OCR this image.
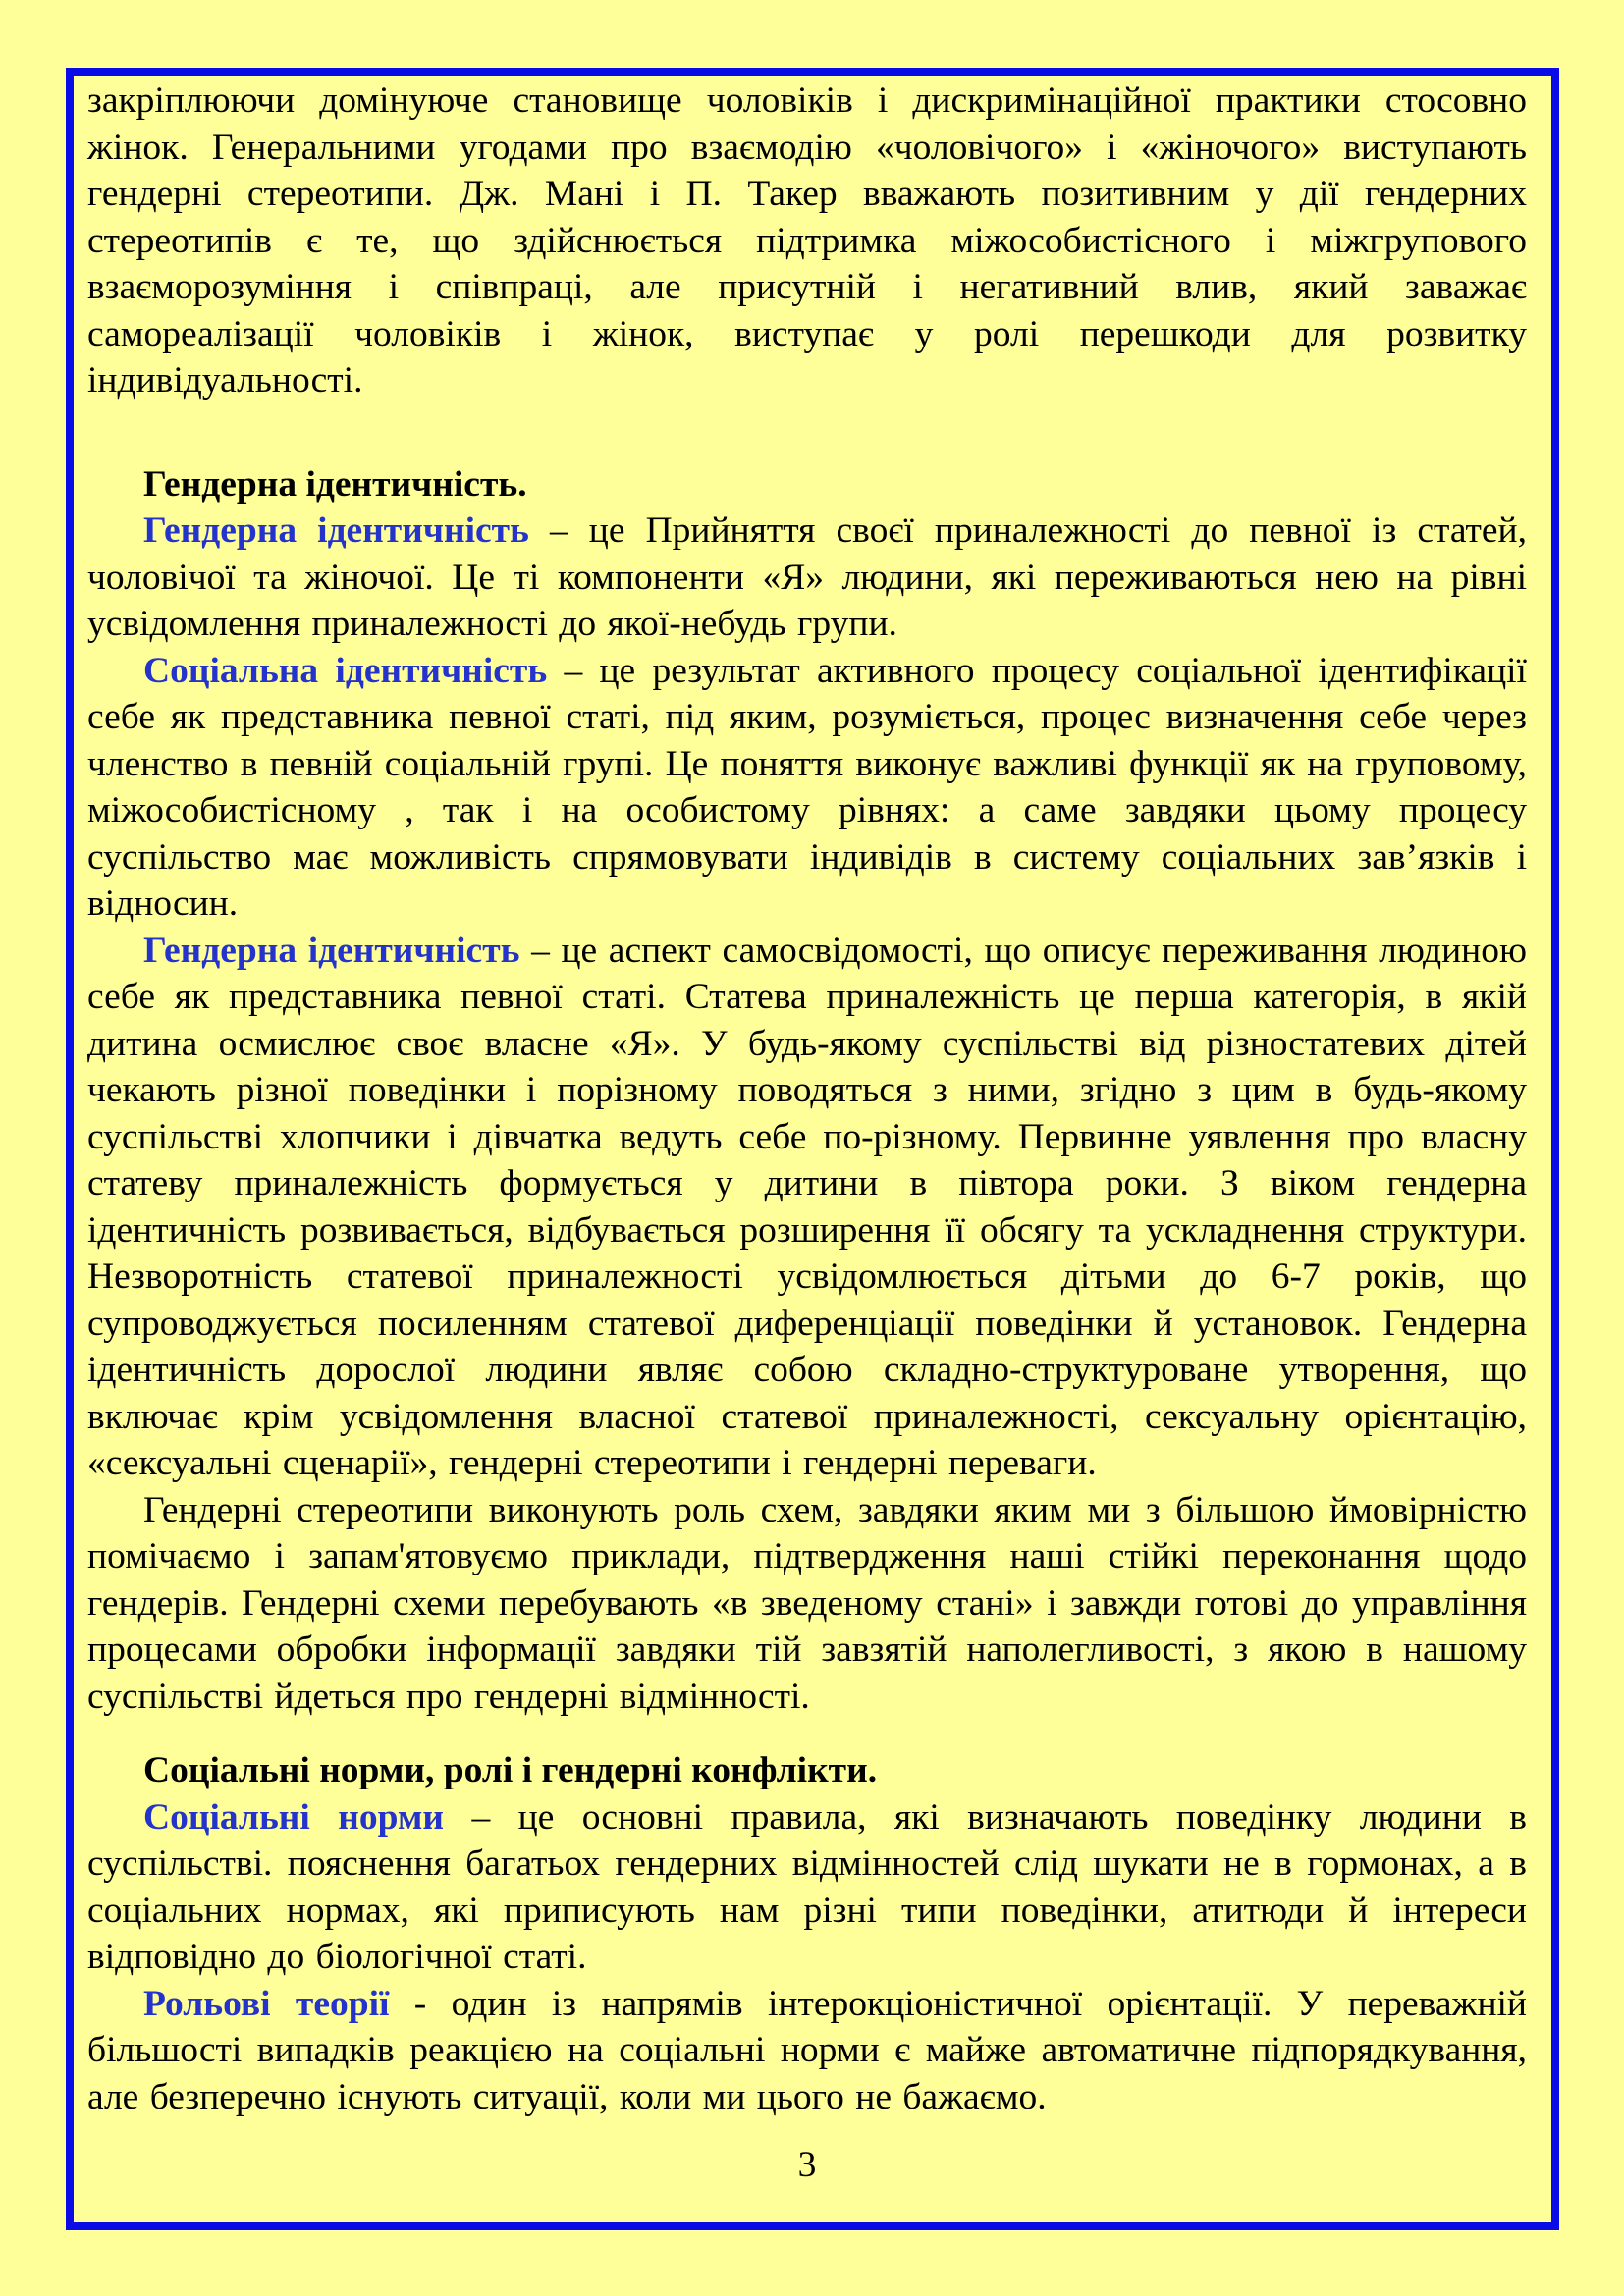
закріплюючи домінуюче становище чоловіків і дискримінаційної практики стосовно жінок. Генеральними угодами про взаємодію «чоловічого» і «жіночого» виступають гендерні стереотипи. Дж. Мані і П. Такер вважають позитивним у дії гендерних стереотипів є те, що здійснюється підтримка міжособистісного і міжгрупового взаєморозуміння і співпраці, але присутній і негативний влив, який заважає самореалізації чоловіків і жінок, виступає у ролі перешкоди для розвитку індивідуальності.

Гендерна ідентичність.

Гендерна ідентичність – це Прийняття своєї приналежності до певної із статей, чоловічої та жіночої. Це ті компоненти «Я» людини, які переживаються нею на рівні усвідомлення приналежності до якої-небудь групи.

Соціальна ідентичність – це результат активного процесу соціальної ідентифікації себе як представника певної статі, під яким, розуміється, процес визначення себе через членство в певній соціальній групі. Це поняття виконує важливі функції як на груповому, міжособистісному , так і на особистому рівнях: а саме завдяки цьому процесу суспільство має можливість спрямовувати індивідів в систему соціальних зав’язків і відносин.

Гендерна ідентичність – це аспект самосвідомості, що описує переживання людиною себе як представника певної статі. Статева приналежність це перша категорія, в якій дитина осмислює своє власне «Я». У будь-якому суспільстві від різностатевих дітей чекають різної поведінки і порізному поводяться з ними, згідно з цим в будь-якому суспільстві хлопчики і дівчатка ведуть себе по-різному. Первинне уявлення про власну статеву приналежність формується у дитини в півтора роки. З віком гендерна ідентичність розвивається, відбувається розширення її обсягу та ускладнення структури. Незворотність статевої приналежності усвідомлюється дітьми до 6-7 років, що супроводжується посиленням статевої диференціації поведінки й установок. Гендерна ідентичність дорослої людини являє собою складно-структуроване утворення, що включає крім усвідомлення власної статевої приналежності, сексуальну орієнтацію, «сексуальні сценарії», гендерні стереотипи і гендерні переваги.

Гендерні стереотипи виконують роль схем, завдяки яким ми з більшою ймовірністю помічаємо і запам'ятовуємо приклади, підтвердження наші стійкі переконання щодо гендерів. Гендерні схеми перебувають «в зведеному стані» і завжди готові до управління процесами обробки інформації завдяки тій завзятій наполегливості, з якою в нашому суспільстві йдеться про гендерні відмінності.

Соціальні норми, ролі і гендерні конфлікти.

Соціальні норми – це основні правила, які визначають поведінку людини в суспільстві. пояснення багатьох гендерних відмінностей слід шукати не в гормонах, а в соціальних нормах, які приписують нам різні типи поведінки, атитюди й інтереси відповідно до біологічної статі.

Рольові теорії - один із напрямів інтерокціоністичної орієнтації. У переважній більшості випадків реакцією на соціальні норми є майже автоматичне підпорядкування, але безперечно існують ситуації, коли ми цього не бажаємо.

3
